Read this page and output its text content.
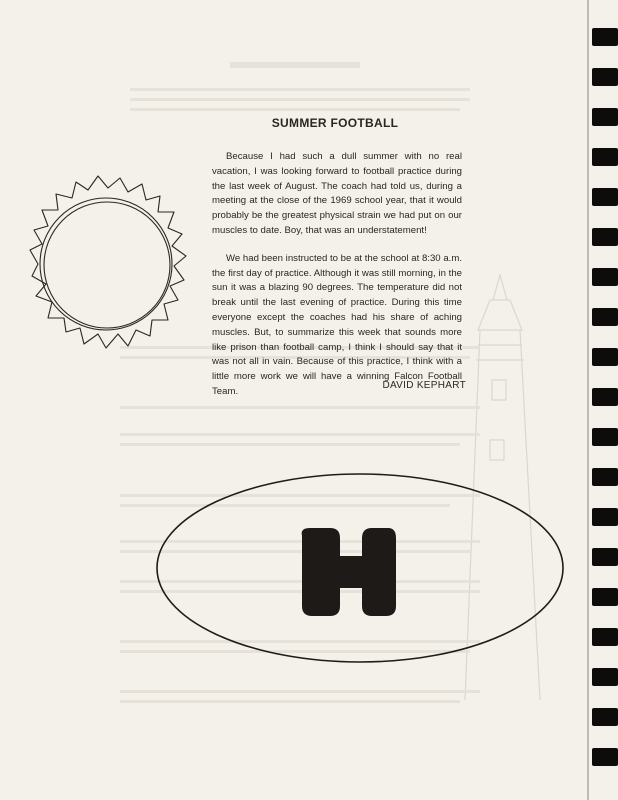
SUMMER FOOTBALL

Because I had such a dull summer with no real vacation, I was looking forward to football practice during the last week of August. The coach had told us, during a meeting at the close of the 1969 school year, that it would probably be the greatest physical strain we had put on our muscles to date. Boy, that was an understatement!

We had been instructed to be at the school at 8:30 a.m. the first day of practice. Although it was still morning, in the sun it was a blazing 90 degrees. The temperature did not break until the last evening of practice. During this time everyone except the coaches had his share of aching muscles. But, to summarize this week that sounds more like prison than football camp, I think I should say that it was not all in vain. Because of this practice, I think with a little more work we will have a winning Falcon Football Team.

DAVID KEPHART
